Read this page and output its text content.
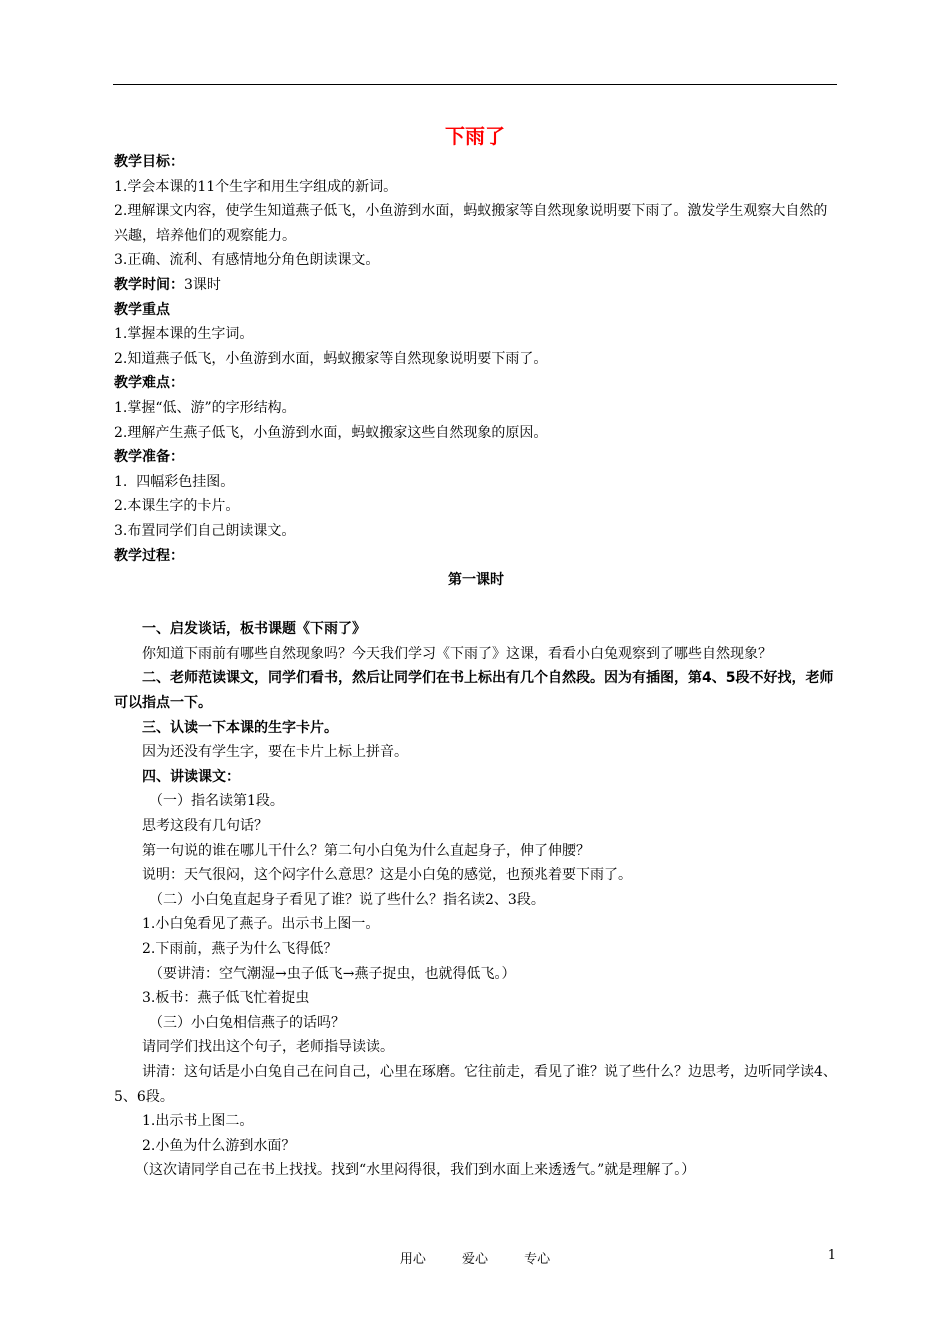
下雨了

教学目标：

1.学会本课的11个生字和用生字组成的新词。

2.理解课文内容，使学生知道燕子低飞，小鱼游到水面，蚂蚁搬家等自然现象说明要下雨了。激发学生观察大自然的兴趣，培养他们的观察能力。

3.正确、流利、有感情地分角色朗读课文。

教学时间：3课时

教学重点

1.掌握本课的生字词。

2.知道燕子低飞，小鱼游到水面，蚂蚁搬家等自然现象说明要下雨了。

教学难点：

1.掌握“低、游”的字形结构。

2.理解产生燕子低飞，小鱼游到水面，蚂蚁搬家这些自然现象的原因。

教学准备：

1.  四幅彩色挂图。

2.本课生字的卡片。

3.布置同学们自己朗读课文。

教学过程：

第一课时

一、启发谈话，板书课题《下雨了》

你知道下雨前有哪些自然现象吗？今天我们学习《下雨了》这课，看看小白兔观察到了哪些自然现象？

二、老师范读课文，同学们看书，然后让同学们在书上标出有几个自然段。因为有插图，第4、5段不好找，老师可以指点一下。

三、认读一下本课的生字卡片。

因为还没有学生字，要在卡片上标上拼音。

四、讲读课文：

（一）指名读第1段。

思考这段有几句话？

第一句说的谁在哪儿干什么？第二句小白兔为什么直起身子，伸了伸腰？

说明：天气很闷，这个闷字什么意思？这是小白兔的感觉，也预兆着要下雨了。

（二）小白兔直起身子看见了谁？说了些什么？指名读2、3段。

1.小白兔看见了燕子。出示书上图一。

2.下雨前，燕子为什么飞得低？

（要讲清：空气潮湿→虫子低飞→燕子捉虫，也就得低飞。）

3.板书：燕子低飞忙着捉虫

（三）小白兔相信燕子的话吗？

请同学们找出这个句子，老师指导读读。

讲清：这句话是小白兔自己在问自己，心里在琢磨。它往前走，看见了谁？说了些什么？边思考，边听同学读4、5、6段。

1.出示书上图二。

2.小鱼为什么游到水面？

（这次请同学自己在书上找找。找到“水里闷得很，我们到水面上来透透气。”就是理解了。）

用心	爱心	专心	1
